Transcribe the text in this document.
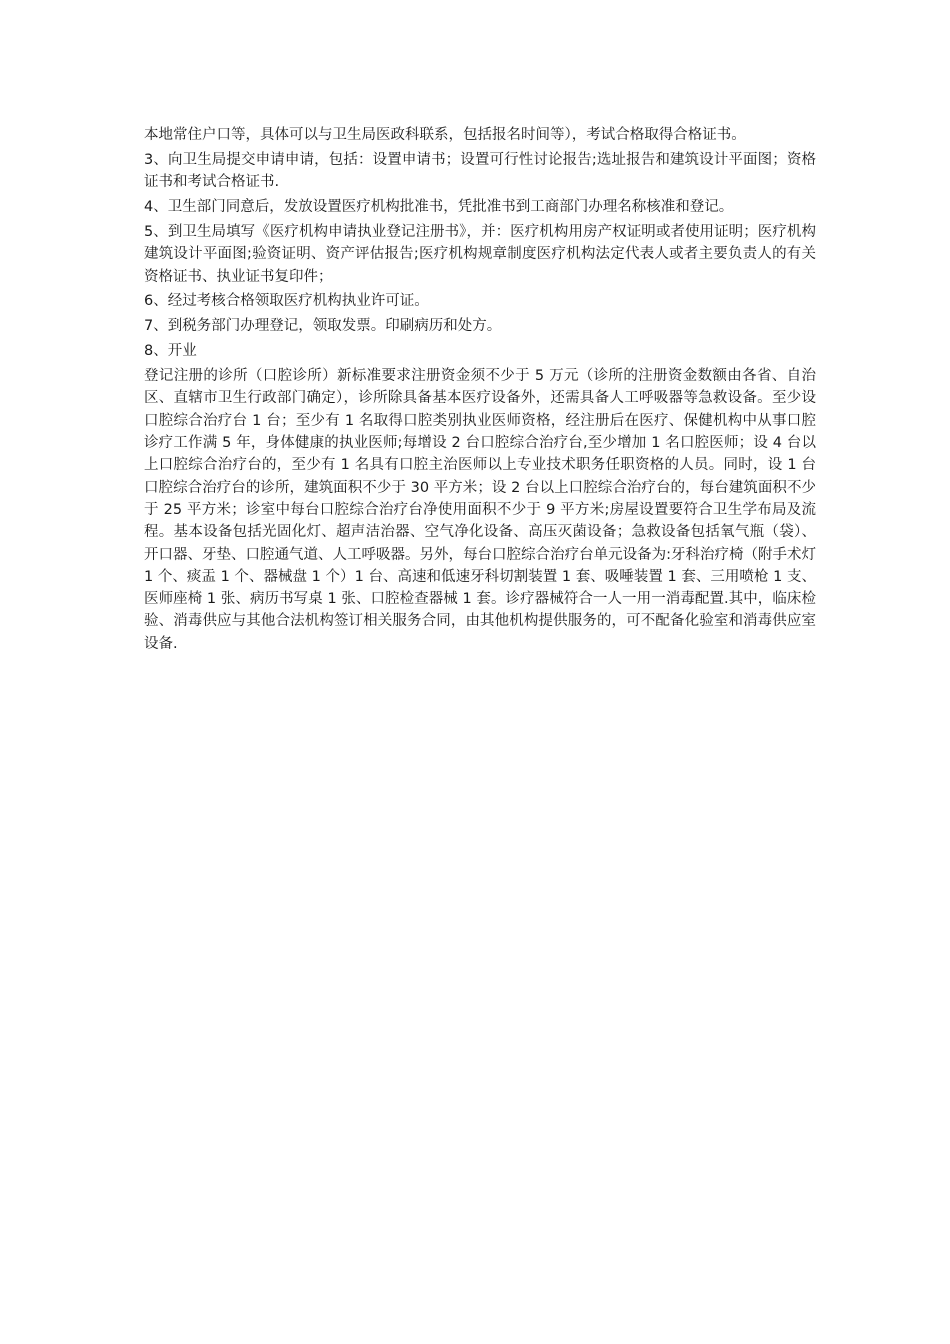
本地常住户口等，具体可以与卫生局医政科联系，包括报名时间等），考试合格取得合格证书。

3、向卫生局提交申请申请，包括：设置申请书；设置可行性讨论报告;选址报告和建筑设计平面图；资格证书和考试合格证书.

4、卫生部门同意后，发放设置医疗机构批准书，凭批准书到工商部门办理名称核准和登记。

5、到卫生局填写《医疗机构申请执业登记注册书》，并：医疗机构用房产权证明或者使用证明；医疗机构建筑设计平面图;验资证明、资产评估报告;医疗机构规章制度医疗机构法定代表人或者主要负责人的有关资格证书、执业证书复印件；

6、经过考核合格领取医疗机构执业许可证。

7、到税务部门办理登记，领取发票。印刷病历和处方。

8、开业

登记注册的诊所（口腔诊所）新标准要求注册资金须不少于 5 万元（诊所的注册资金数额由各省、自治区、直辖市卫生行政部门确定），诊所除具备基本医疗设备外，还需具备人工呼吸器等急救设备。至少设口腔综合治疗台 1 台；至少有 1 名取得口腔类别执业医师资格，经注册后在医疗、保健机构中从事口腔诊疗工作满 5 年，身体健康的执业医师;每增设 2 台口腔综合治疗台,至少增加 1 名口腔医师；设 4 台以上口腔综合治疗台的，至少有 1 名具有口腔主治医师以上专业技术职务任职资格的人员。同时，设 1 台口腔综合治疗台的诊所，建筑面积不少于 30 平方米；设 2 台以上口腔综合治疗台的，每台建筑面积不少于 25 平方米；诊室中每台口腔综合治疗台净使用面积不少于 9 平方米;房屋设置要符合卫生学布局及流程。基本设备包括光固化灯、超声洁治器、空气净化设备、高压灭菌设备；急救设备包括氧气瓶（袋）、开口器、牙垫、口腔通气道、人工呼吸器。另外，每台口腔综合治疗台单元设备为:牙科治疗椅（附手术灯 1 个、痰盂 1 个、器械盘 1 个）1 台、高速和低速牙科切割装置 1 套、吸唾装置 1 套、三用喷枪 1 支、医师座椅 1 张、病历书写桌 1 张、口腔检查器械 1 套。诊疗器械符合一人一用一消毒配置.其中，临床检验、消毒供应与其他合法机构签订相关服务合同，由其他机构提供服务的，可不配备化验室和消毒供应室设备.
